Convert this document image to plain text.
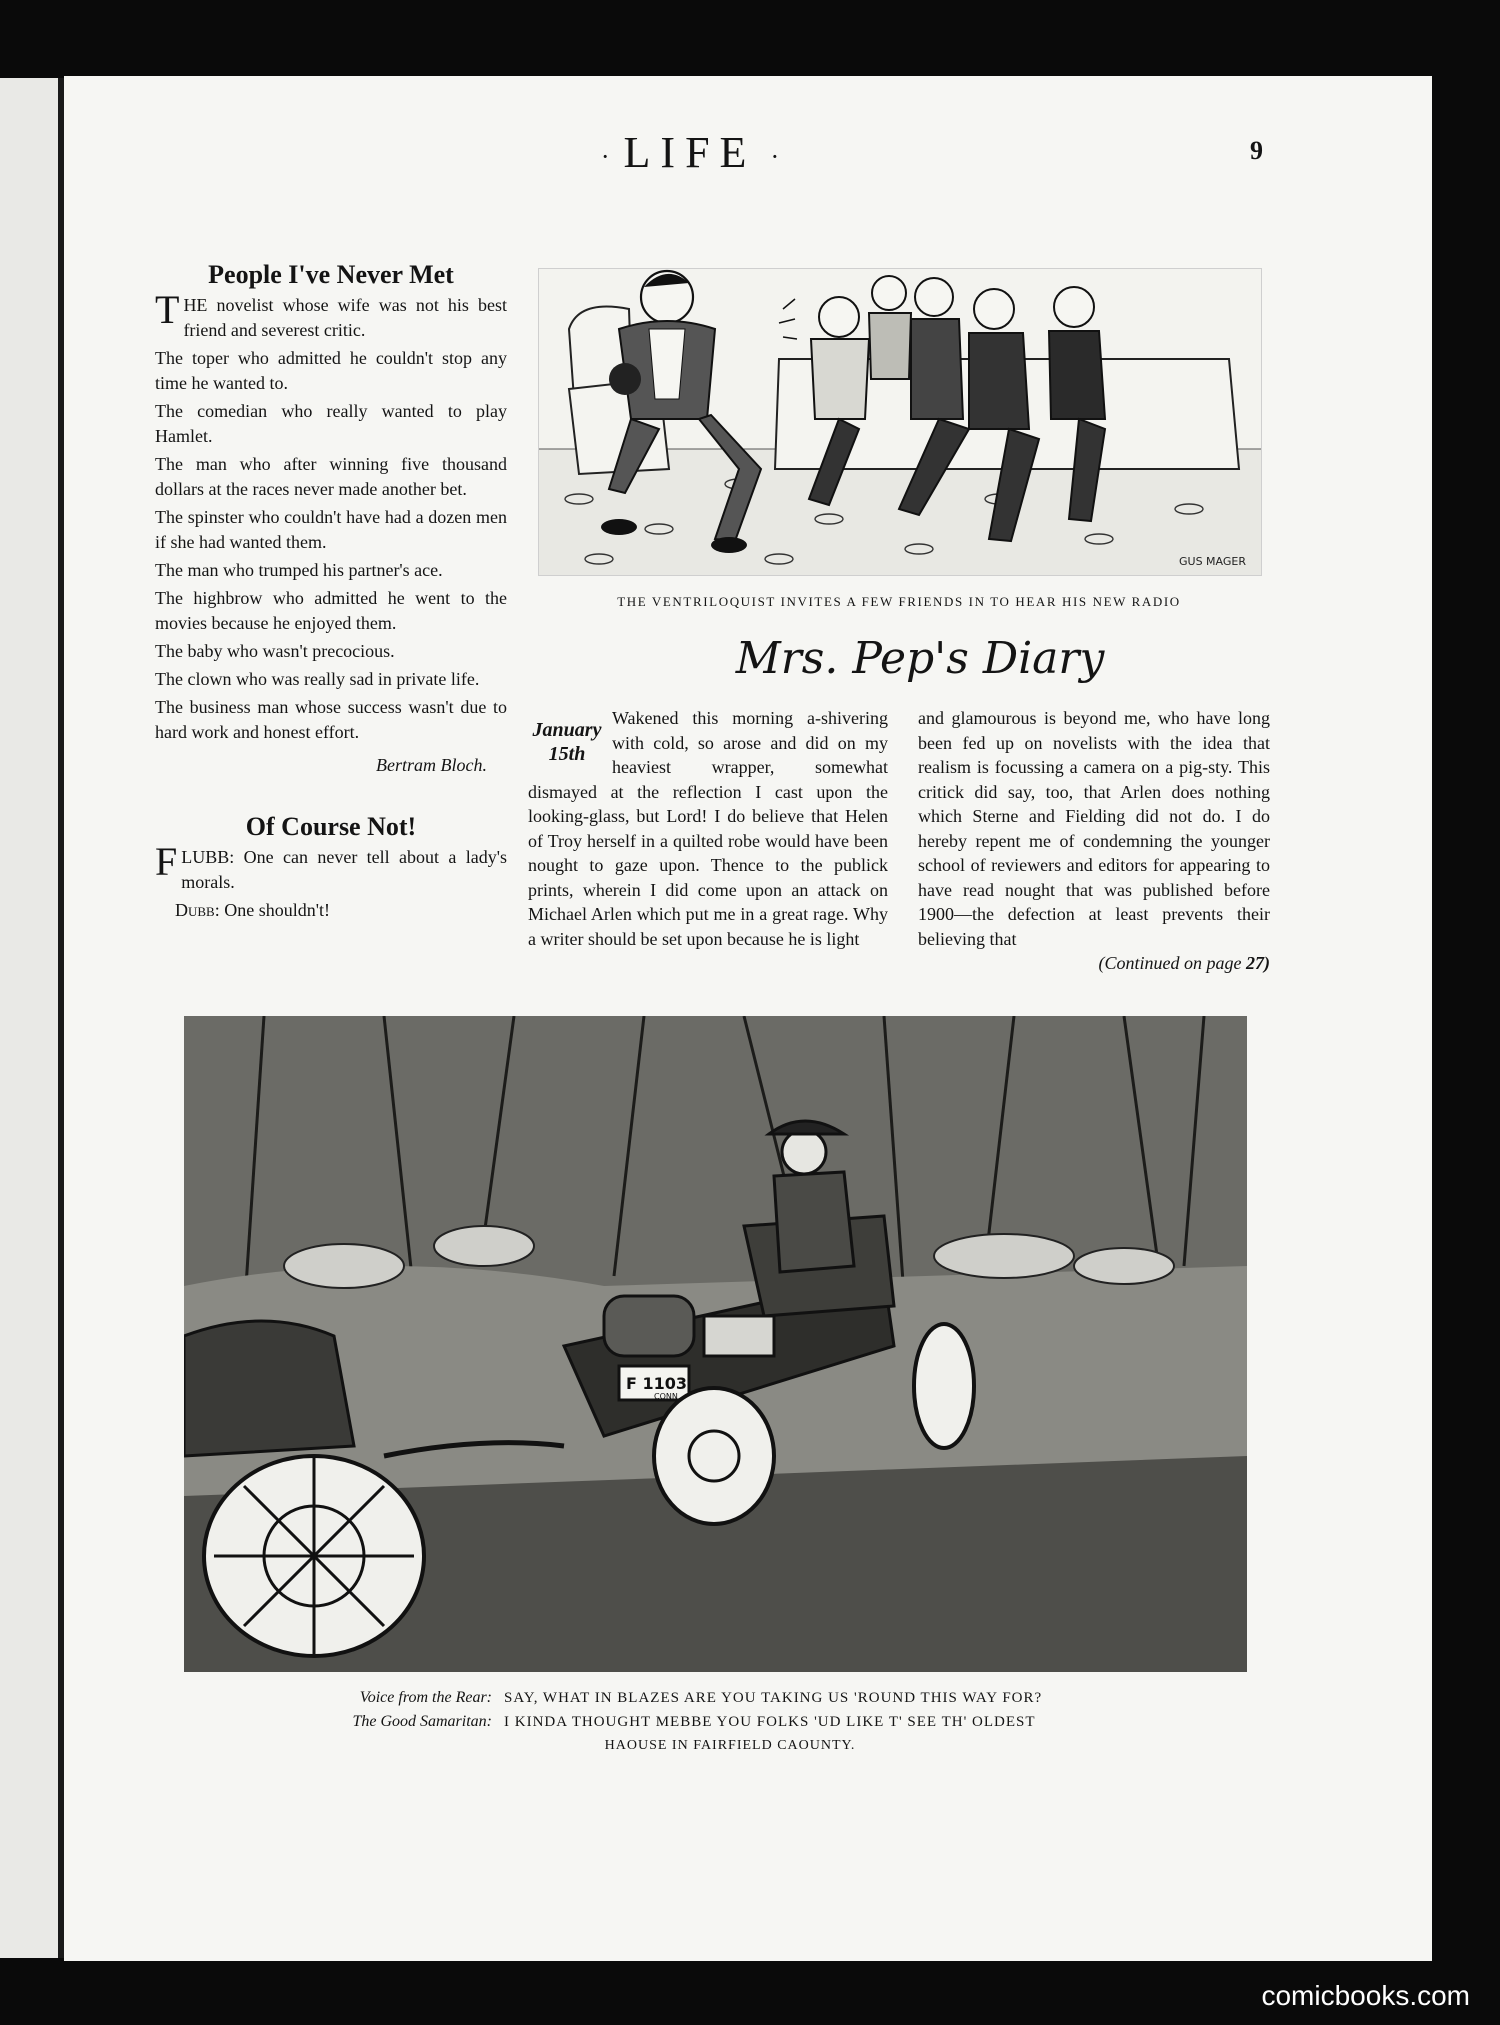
· LIFE ·	9
People I've Never Met

THE novelist whose wife was not his best friend and severest critic.

The toper who admitted he couldn't stop any time he wanted to.

The comedian who really wanted to play Hamlet.

The man who after winning five thousand dollars at the races never made another bet.

The spinster who couldn't have had a dozen men if she had wanted them.

The man who trumped his partner's ace.

The highbrow who admitted he went to the movies because he enjoyed them.

The baby who wasn't precocious.

The clown who was really sad in private life.

The business man whose success wasn't due to hard work and honest effort.

Bertram Bloch.
Of Course Not!

FLUBB: One can never tell about a lady's morals.

Dubb: One shouldn't!

GUS MAGER
THE VENTRILOQUIST INVITES A FEW FRIENDS IN TO HEAR HIS NEW RADIO
Mrs. Pep's Diary
January
15th
Wakened this morning a-shivering with cold, so arose and did on my heaviest wrapper, somewhat dismayed at the reflection I cast upon the looking-glass, but Lord! I do believe that Helen of Troy herself in a quilted robe would have been nought to gaze upon. Thence to the publick prints, wherein I did come upon an attack on Michael Arlen which put me in a great rage. Why a writer should be set upon because he is light
and glamourous is beyond me, who have long been fed up on novelists with the idea that realism is focussing a camera on a pig-sty. This critick did say, too, that Arlen does nothing which Sterne and Fielding did not do. I do hereby repent me of condemning the younger school of reviewers and editors for appearing to have read nought that was published before 1900—the defection at least prevents their believing that
(Continued on page 27)
F 1103
CONN.
Voice from the Rear: SAY, WHAT IN BLAZES ARE YOU TAKING US 'ROUND THIS WAY FOR?
The Good Samaritan: I KINDA THOUGHT MEBBE YOU FOLKS 'UD LIKE T' SEE TH' OLDEST
HAOUSE IN FAIRFIELD CAOUNTY.
comicbooks.com
